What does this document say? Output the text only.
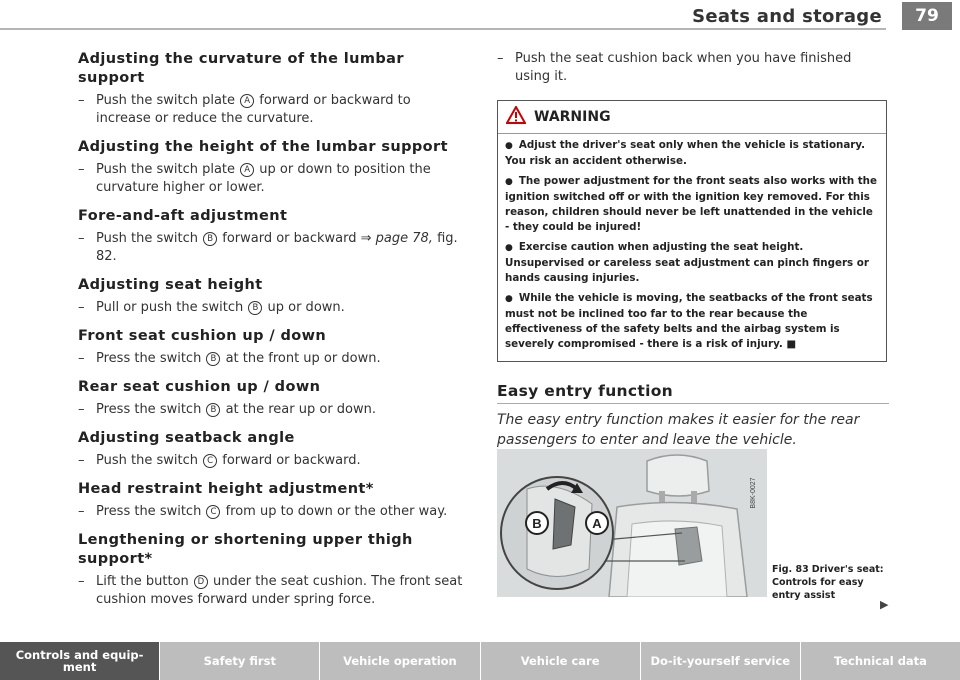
Seats and storage	79
Adjusting the curvature of the lumbar support
– Push the switch plate A forward or backward to increase or reduce the curvature.
Adjusting the height of the lumbar support
– Push the switch plate A up or down to position the curvature higher or lower.
Fore-and-aft adjustment
– Push the switch B forward or backward ⇒ page 78, fig. 82.
Adjusting seat height
– Pull or push the switch B up or down.
Front seat cushion up / down
– Press the switch B at the front up or down.
Rear seat cushion up / down
– Press the switch B at the rear up or down.
Adjusting seatback angle
– Push the switch C forward or backward.
Head restraint height adjustment*
– Press the switch C from up to down or the other way.
Lengthening or shortening upper thigh support*
– Lift the button D under the seat cushion. The front seat cushion moves forward under spring force.
– Push the seat cushion back when you have finished using it.
WARNING
● Adjust the driver's seat only when the vehicle is stationary. You risk an accident otherwise.
● The power adjustment for the front seats also works with the ignition switched off or with the ignition key removed. For this reason, children should never be left unattended in the vehicle - they could be injured!
● Exercise caution when adjusting the seat height. Unsupervised or careless seat adjustment can pinch fingers or hands causing injuries.
● While the vehicle is moving, the seatbacks of the front seats must not be inclined too far to the rear because the effectiveness of the safety belts and the airbag system is severely compromised - there is a risk of injury. ■
Easy entry function
The easy entry function makes it easier for the rear passengers to enter and leave the vehicle.
B	A
B8K-0027
Fig. 83 Driver's seat: Controls for easy entry assist
▶
Controls and equip- ment	Safety first	Vehicle operation	Vehicle care	Do-it-yourself service	Technical data
